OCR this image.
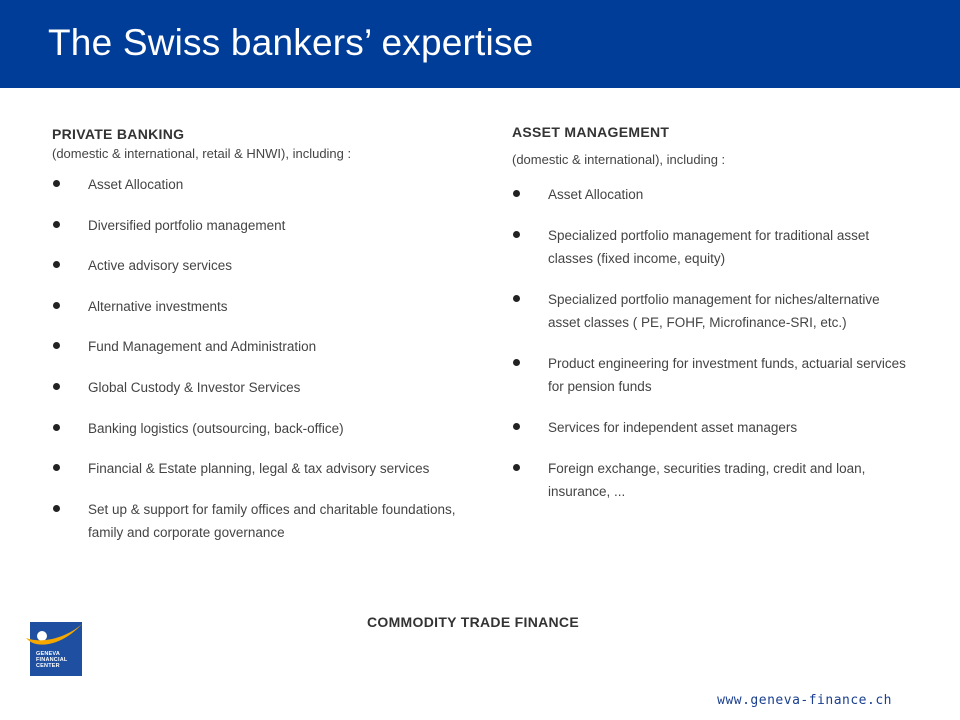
The Swiss bankers’ expertise
PRIVATE BANKING
(domestic & international, retail & HNWI), including :
Asset Allocation
Diversified portfolio management
Active advisory services
Alternative investments
Fund Management and Administration
Global Custody & Investor Services
Banking logistics (outsourcing, back-office)
Financial & Estate planning, legal & tax advisory services
Set up & support for family offices and charitable foundations, family and corporate governance
ASSET MANAGEMENT
(domestic & international), including :
Asset Allocation
Specialized portfolio management for traditional asset classes (fixed income, equity)
Specialized portfolio management for niches/alternative asset classes ( PE, FOHF, Microfinance-SRI, etc.)
Product engineering for investment funds, actuarial services for pension funds
Services for independent asset managers
Foreign exchange, securities trading, credit and loan, insurance, ...
COMMODITY TRADE FINANCE
GENEVA
FINANCIAL
CENTER
www.geneva-finance.ch
